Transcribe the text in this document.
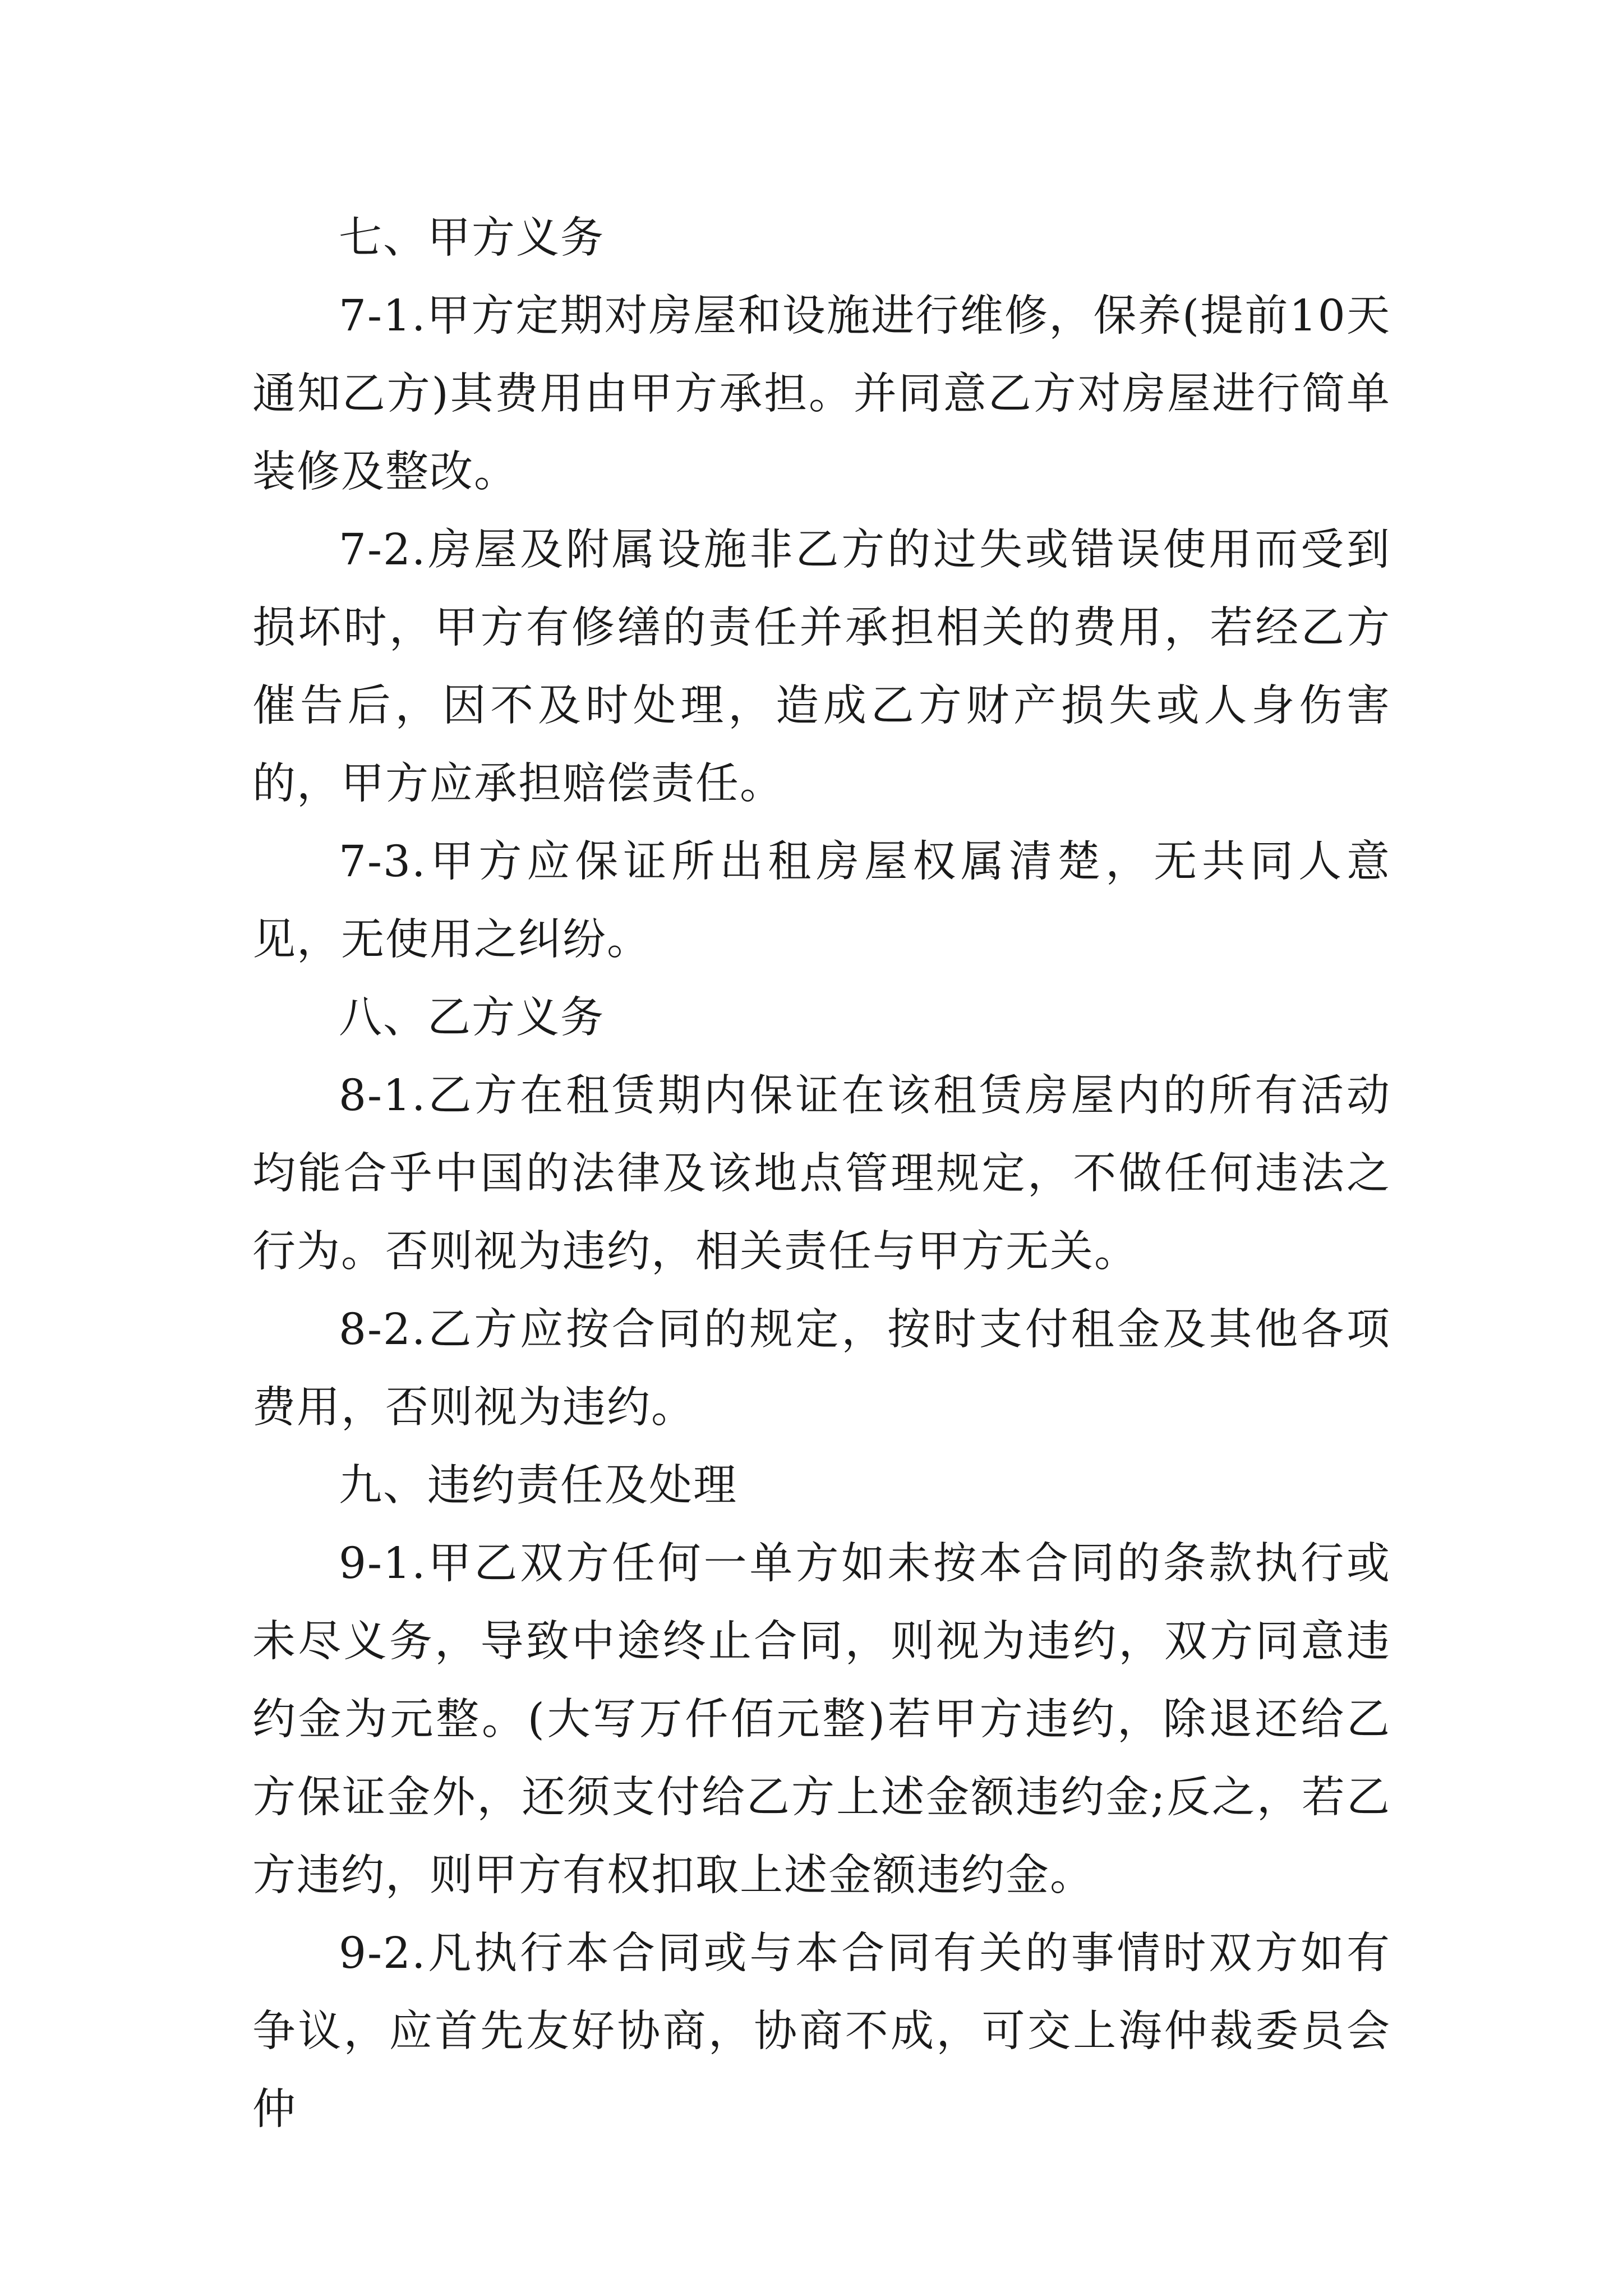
七、甲方义务

7-1.甲方定期对房屋和设施进行维修，保养(提前10天通知乙方)其费用由甲方承担。并同意乙方对房屋进行简单装修及整改。

7-2.房屋及附属设施非乙方的过失或错误使用而受到损坏时，甲方有修缮的责任并承担相关的费用，若经乙方催告后，因不及时处理，造成乙方财产损失或人身伤害的，甲方应承担赔偿责任。

7-3.甲方应保证所出租房屋权属清楚，无共同人意见，无使用之纠纷。

八、乙方义务

8-1.乙方在租赁期内保证在该租赁房屋内的所有活动均能合乎中国的法律及该地点管理规定，不做任何违法之行为。否则视为违约，相关责任与甲方无关。

8-2.乙方应按合同的规定，按时支付租金及其他各项费用，否则视为违约。

九、违约责任及处理

9-1.甲乙双方任何一单方如未按本合同的条款执行或未尽义务，导致中途终止合同，则视为违约，双方同意违约金为元整。(大写万仟佰元整)若甲方违约，除退还给乙方保证金外，还须支付给乙方上述金额违约金;反之，若乙方违约，则甲方有权扣取上述金额违约金。

9-2.凡执行本合同或与本合同有关的事情时双方如有争议，应首先友好协商，协商不成，可交上海仲裁委员会仲
